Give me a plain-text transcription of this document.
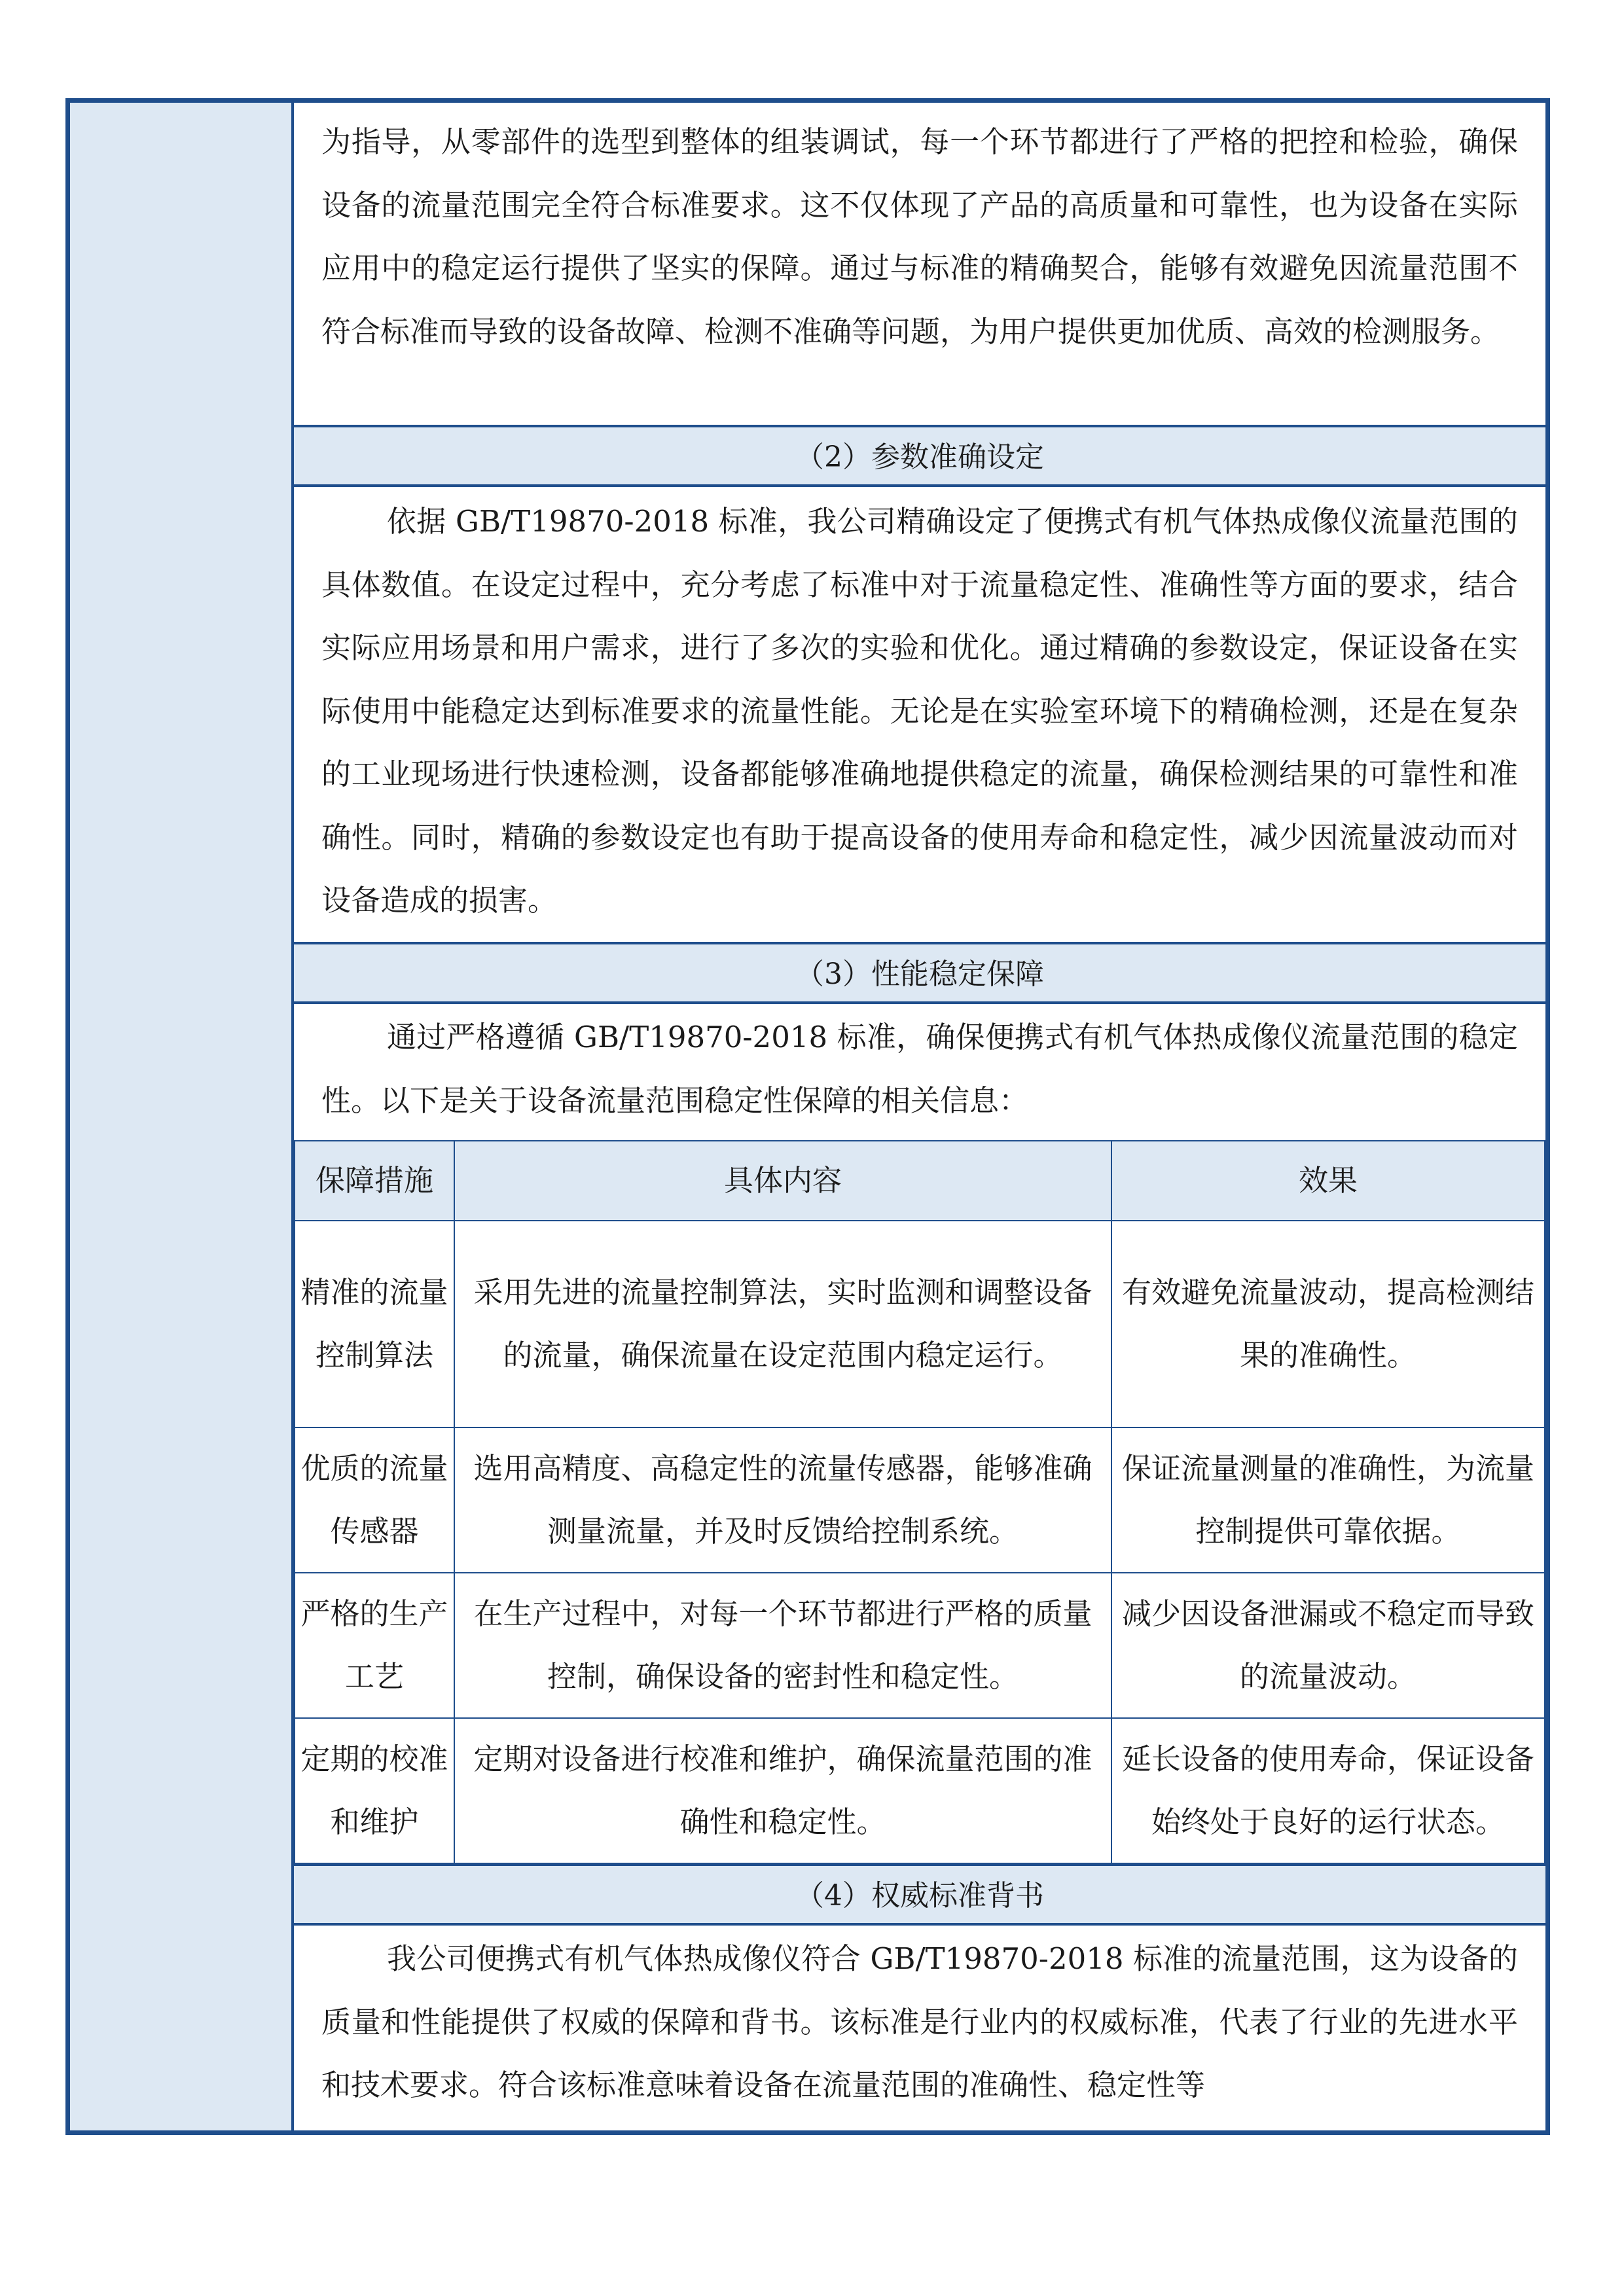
为指导，从零部件的选型到整体的组装调试，每一个环节都进行了严格的把控和检验，确保设备的流量范围完全符合标准要求。这不仅体现了产品的高质量和可靠性，也为设备在实际应用中的稳定运行提供了坚实的保障。通过与标准的精确契合，能够有效避免因流量范围不符合标准而导致的设备故障、检测不准确等问题，为用户提供更加优质、高效的检测服务。
（2）参数准确设定
依据 GB/T19870-2018 标准，我公司精确设定了便携式有机气体热成像仪流量范围的具体数值。在设定过程中，充分考虑了标准中对于流量稳定性、准确性等方面的要求，结合实际应用场景和用户需求，进行了多次的实验和优化。通过精确的参数设定，保证设备在实际使用中能稳定达到标准要求的流量性能。无论是在实验室环境下的精确检测，还是在复杂的工业现场进行快速检测，设备都能够准确地提供稳定的流量，确保检测结果的可靠性和准确性。同时，精确的参数设定也有助于提高设备的使用寿命和稳定性，减少因流量波动而对设备造成的损害。
（3）性能稳定保障
通过严格遵循 GB/T19870-2018 标准，确保便携式有机气体热成像仪流量范围的稳定性。以下是关于设备流量范围稳定性保障的相关信息：
保障措施	具体内容	效果
精准的流量控制算法	采用先进的流量控制算法，实时监测和调整设备的流量，确保流量在设定范围内稳定运行。	有效避免流量波动，提高检测结果的准确性。
优质的流量传感器	选用高精度、高稳定性的流量传感器，能够准确测量流量，并及时反馈给控制系统。	保证流量测量的准确性，为流量控制提供可靠依据。
严格的生产工艺	在生产过程中，对每一个环节都进行严格的质量控制，确保设备的密封性和稳定性。	减少因设备泄漏或不稳定而导致的流量波动。
定期的校准和维护	定期对设备进行校准和维护，确保流量范围的准确性和稳定性。	延长设备的使用寿命，保证设备始终处于良好的运行状态。
（4）权威标准背书
我公司便携式有机气体热成像仪符合 GB/T19870-2018 标准的流量范围，这为设备的质量和性能提供了权威的保障和背书。该标准是行业内的权威标准，代表了行业的先进水平和技术要求。符合该标准意味着设备在流量范围的准确性、稳定性等
